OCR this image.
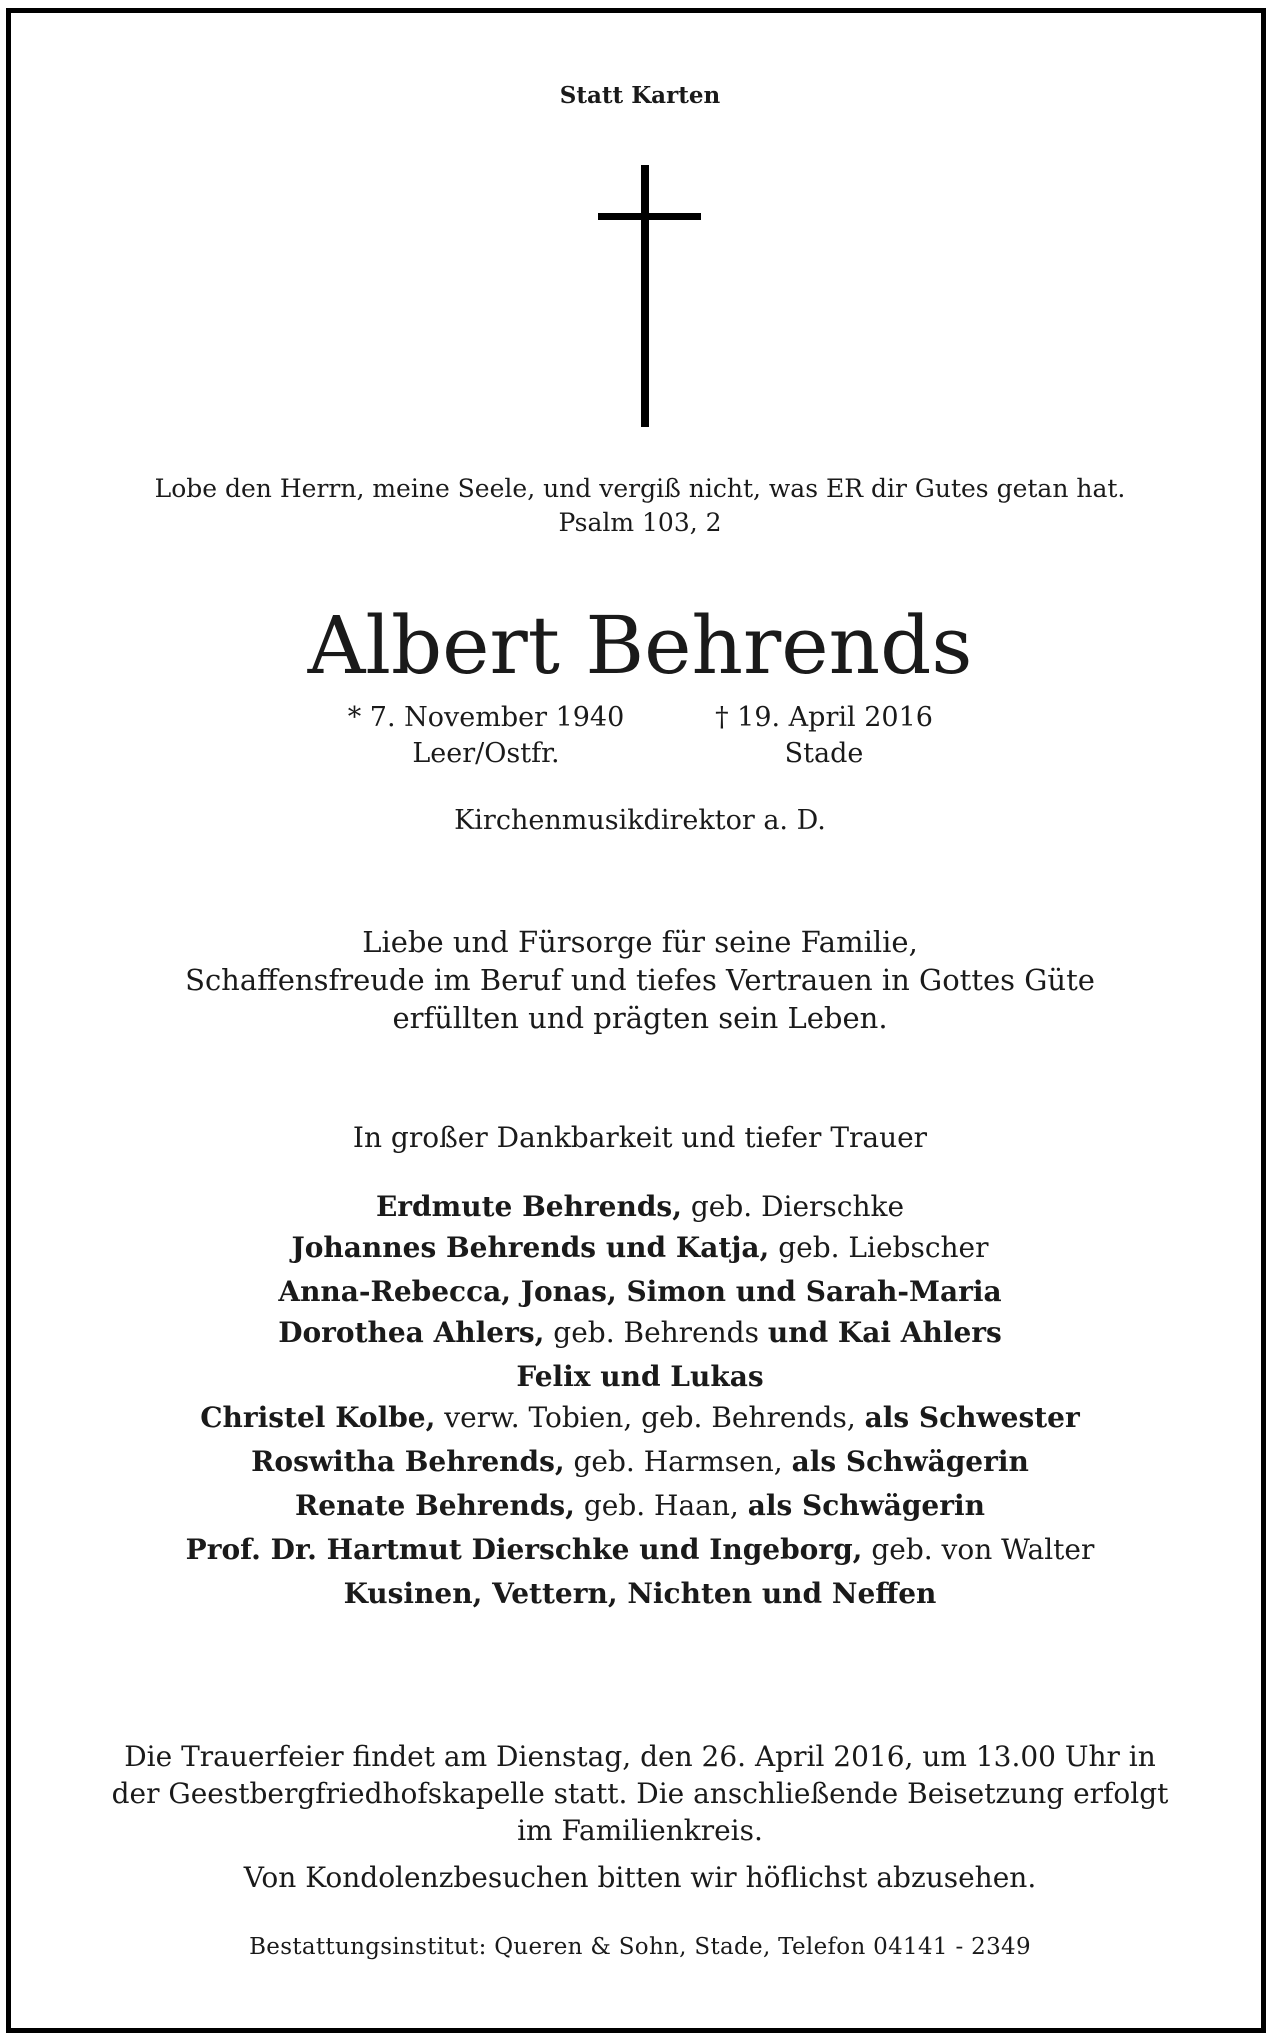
Statt Karten

Lobe den Herrn, meine Seele, und vergiß nicht, was ER dir Gutes getan hat.
Psalm 103, 2
Albert Behrends
* 7. November 1940
Leer/Ostfr.
† 19. April 2016
Stade

Kirchenmusikdirektor a. D.

Liebe und Fürsorge für seine Familie,
Schaffensfreude im Beruf und tiefes Vertrauen in Gottes Güte
erfüllten und prägten sein Leben.

In großer Dankbarkeit und tiefer Trauer

Erdmute Behrends, geb. Dierschke
Johannes Behrends und Katja, geb. Liebscher
Anna-Rebecca, Jonas, Simon und Sarah-Maria
Dorothea Ahlers, geb. Behrends und Kai Ahlers
Felix und Lukas
Christel Kolbe, verw. Tobien, geb. Behrends, als Schwester
Roswitha Behrends, geb. Harmsen, als Schwägerin
Renate Behrends, geb. Haan, als Schwägerin
Prof. Dr. Hartmut Dierschke und Ingeborg, geb. von Walter
Kusinen, Vettern, Nichten und Neffen
Die Trauerfeier findet am Dienstag, den 26. April 2016, um 13.00 Uhr in
der Geestbergfriedhofskapelle statt. Die anschließende Beisetzung erfolgt
im Familienkreis.

Von Kondolenzbesuchen bitten wir höflichst abzusehen.

Bestattungsinstitut: Queren & Sohn, Stade, Telefon 04141 - 2349
